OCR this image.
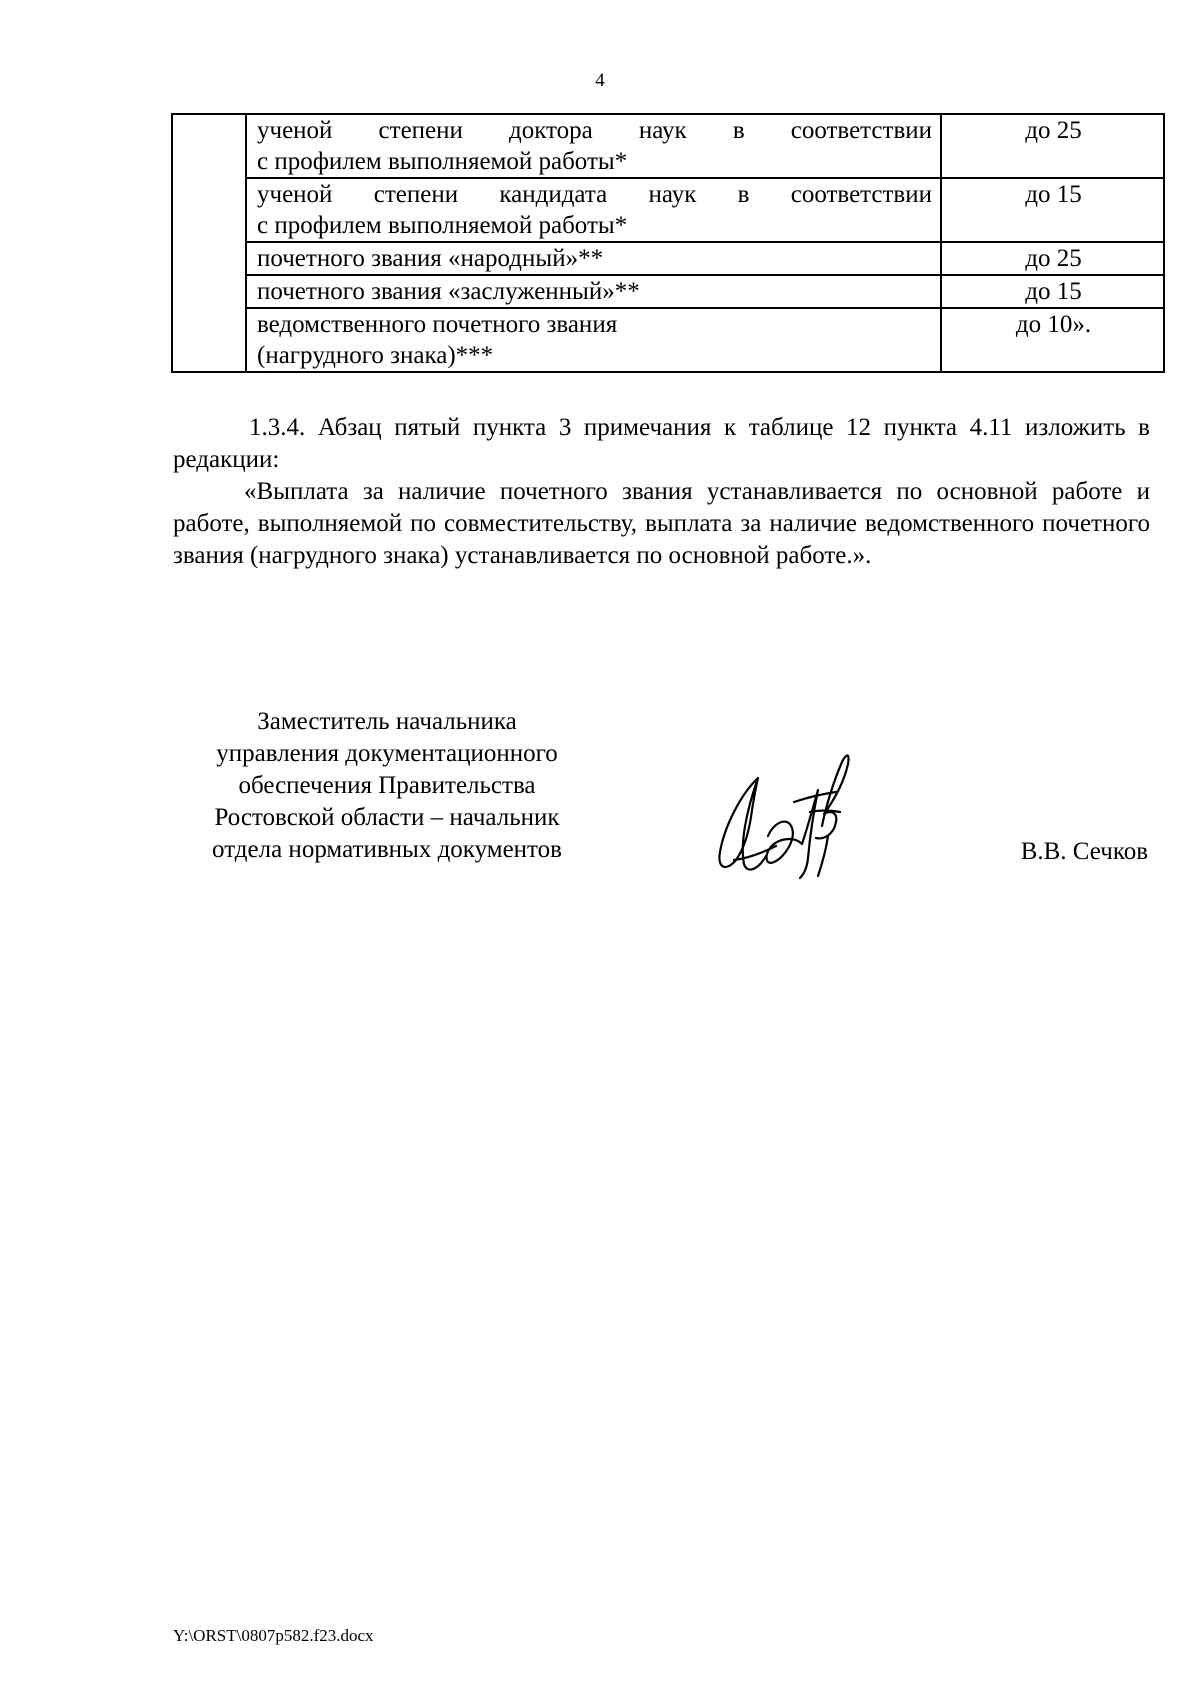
4

	ученой степени доктора наук в соответствии
с профилем выполняемой работы*	до 25

	ученой степени кандидата наук в соответствии
с профилем выполняемой работы*	до 15
	почетного звания «народный»**	до 25
	почетного звания «заслуженный»**	до 15
	ведомственного почетного звания
(нагрудного знака)***	до 10».
1.3.4. Абзац пятый пункта 3 примечания к таблице 12 пункта 4.11 изложить в редакции:
«Выплата за наличие почетного звания устанавливается по основной работе и работе, выполняемой по совместительству, выплата за наличие ведомственного почетного звания (нагрудного знака) устанавливается по основной работе.».
Заместитель начальника
управления документационного
обеспечения Правительства
Ростовской области – начальник
отдела нормативных документов	В.В. Сечков
Y:\ORST\0807p582.f23.docx
